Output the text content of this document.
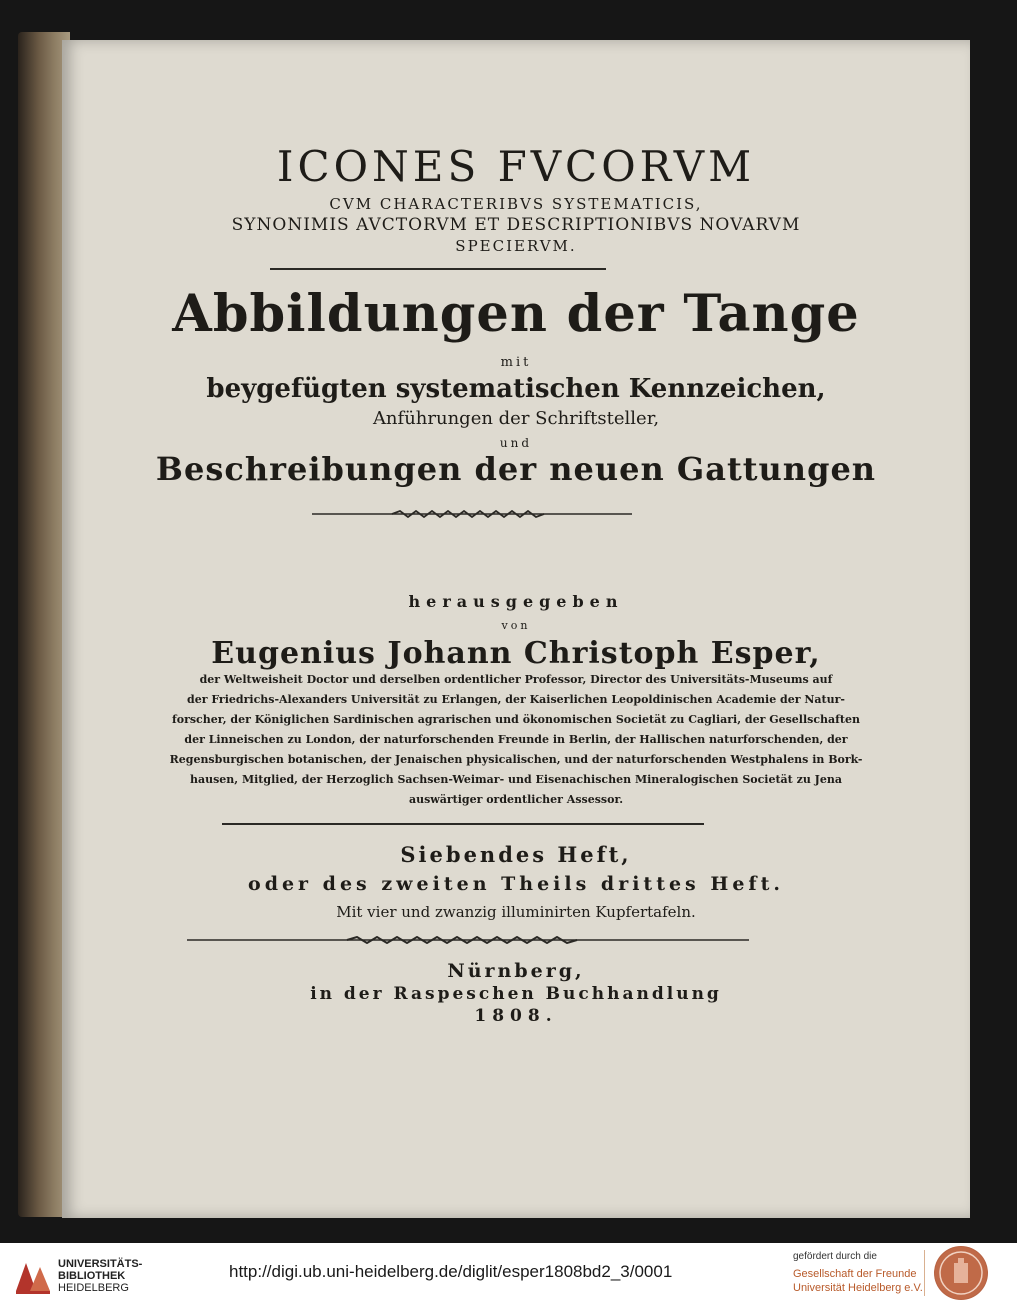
ICONES FVCORVM
CVM CHARACTERIBVS SYSTEMATICIS,
SYNONIMIS AVCTORVM ET DESCRIPTIONIBVS NOVARVM
SPECIERVM.
Abbildungen der Tange
mit
beygefügten systematischen Kennzeichen,
Anführungen der Schriftsteller,
und
Beschreibungen der neuen Gattungen
herausgegeben
von
Eugenius Johann Christoph Esper,
der Weltweisheit Doctor und derselben ordentlicher Professor, Director des Universitäts-Museums auf
der Friedrichs-Alexanders Universität zu Erlangen, der Kaiserlichen Leopoldinischen Academie der Natur-
forscher, der Königlichen Sardinischen agrarischen und ökonomischen Societät zu Cagliari, der Gesellschaften
der Linneischen zu London, der naturforschenden Freunde in Berlin, der Hallischen naturforschenden, der
Regensburgischen botanischen, der Jenaischen physicalischen, und der naturforschenden Westphalens in Bork-
hausen, Mitglied, der Herzoglich Sachsen-Weimar- und Eisenachischen Mineralogischen Societät zu Jena
auswärtiger ordentlicher Assessor.
Siebendes Heft,
oder des zweiten Theils drittes Heft.
Mit vier und zwanzig illuminirten Kupfertafeln.
Nürnberg,
in der Raspeschen Buchhandlung
1808.
UNIVERSITÄTS-
BIBLIOTHEK
HEIDELBERG
http://digi.ub.uni-heidelberg.de/diglit/esper1808bd2_3/0001
gefördert durch die
Gesellschaft der Freunde
Universität Heidelberg e.V.
